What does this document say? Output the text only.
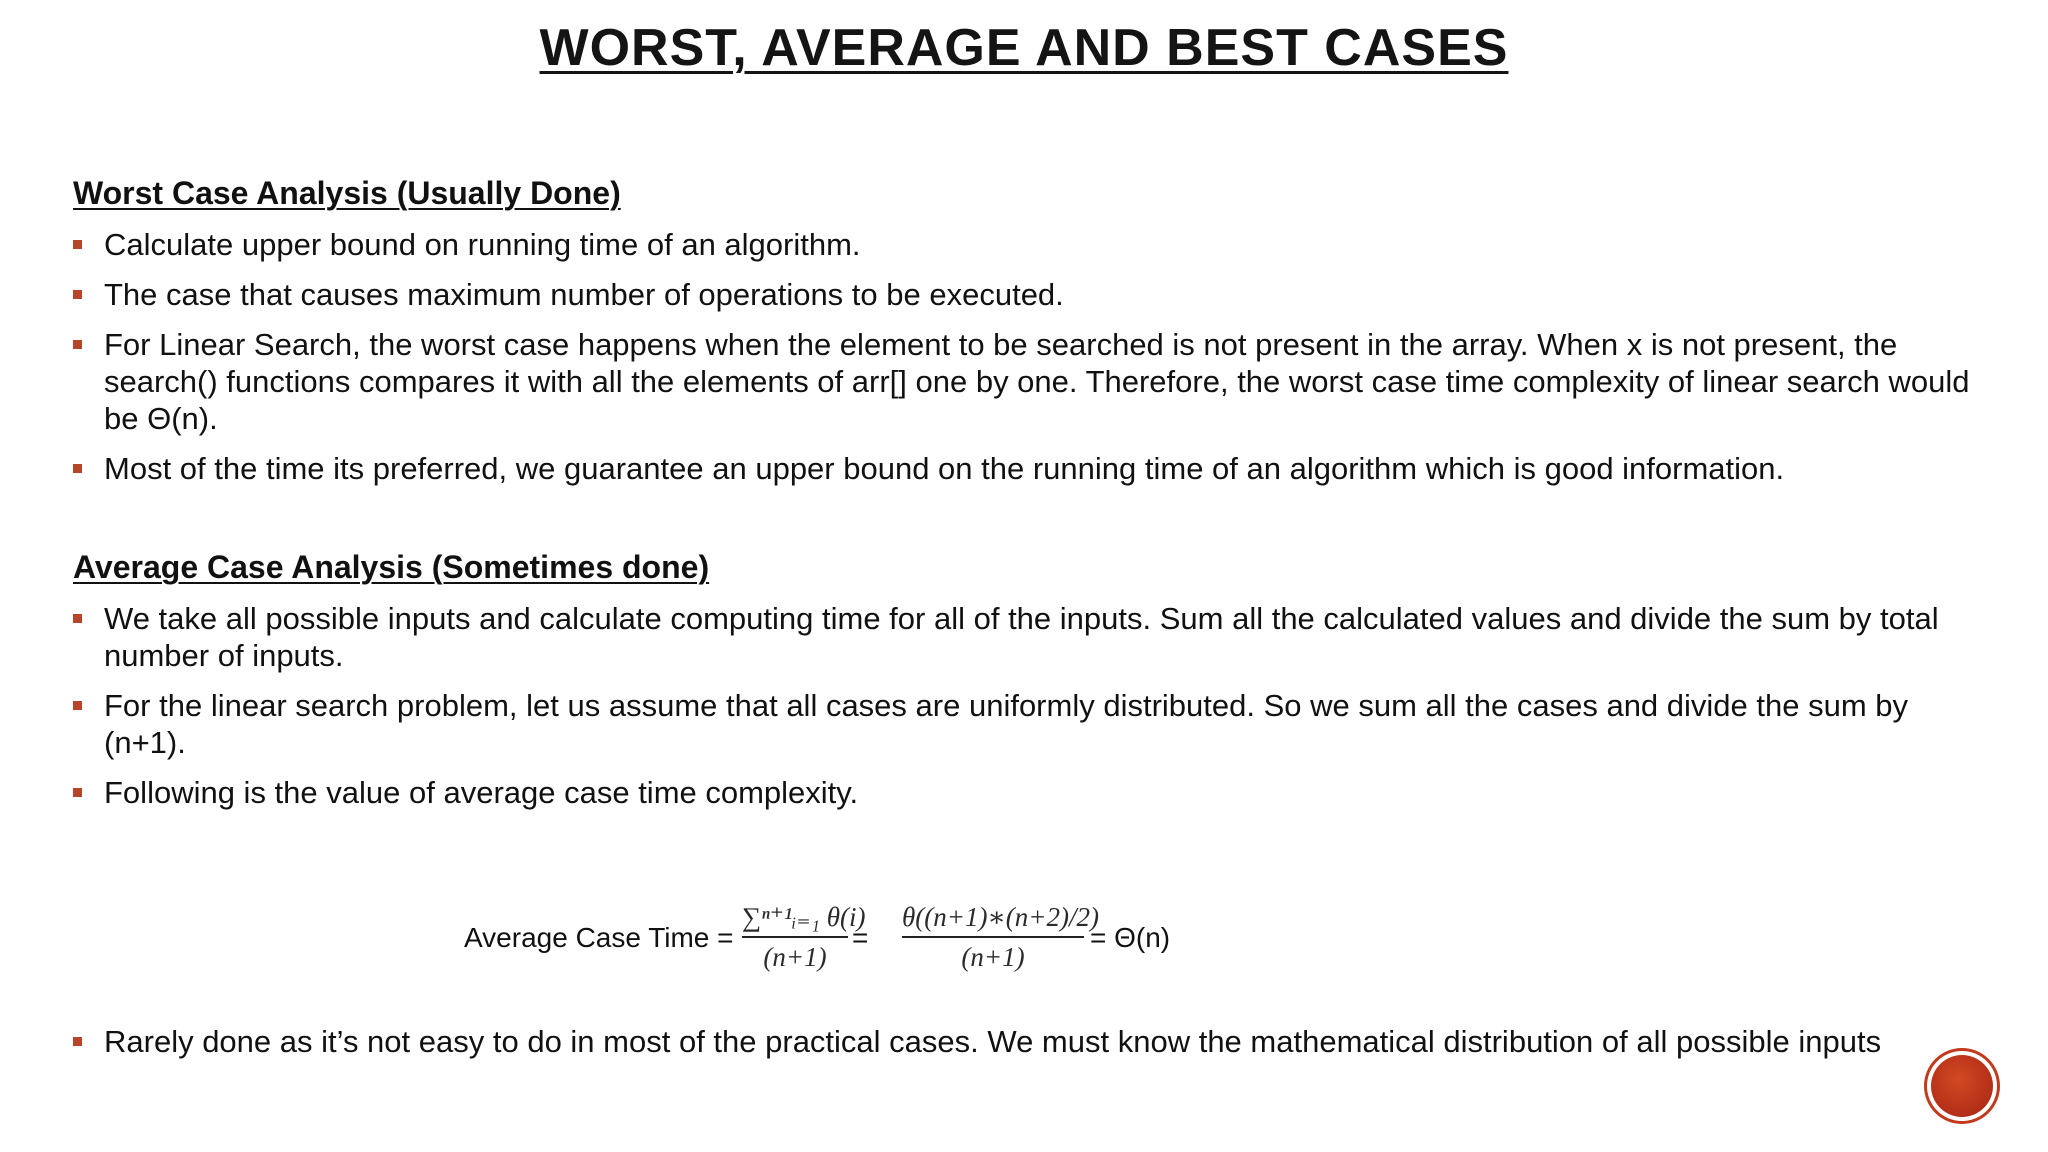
WORST, AVERAGE AND BEST CASES
Worst Case Analysis (Usually Done)
Calculate upper bound on running time of an algorithm.
The case that causes maximum number of operations to be executed.
For Linear Search, the worst case happens when the element to be searched is not present in the array. When x is not present, the search() functions compares it with all the elements of arr[] one by one. Therefore, the worst case time complexity of linear search would be Θ(n).
Most of the time its preferred, we guarantee an upper bound on the running time of an algorithm which is good information.
Average Case Analysis (Sometimes done)
We take all possible inputs and calculate computing time for all of the inputs. Sum all the calculated values and divide the sum by total number of inputs.
For the linear search problem, let us assume that all cases are uniformly distributed. So we sum all the cases and divide the sum by (n+1).
Following is the value of average case time complexity.
Average Case Time =
∑ⁿ⁺¹ᵢ₌₁ θ(i)
(n+1)
=
θ((n+1)∗(n+2)/2)
(n+1)
= Θ(n)
Rarely done as it’s not easy to do in most of the practical cases. We must know the mathematical distribution of all possible inputs
